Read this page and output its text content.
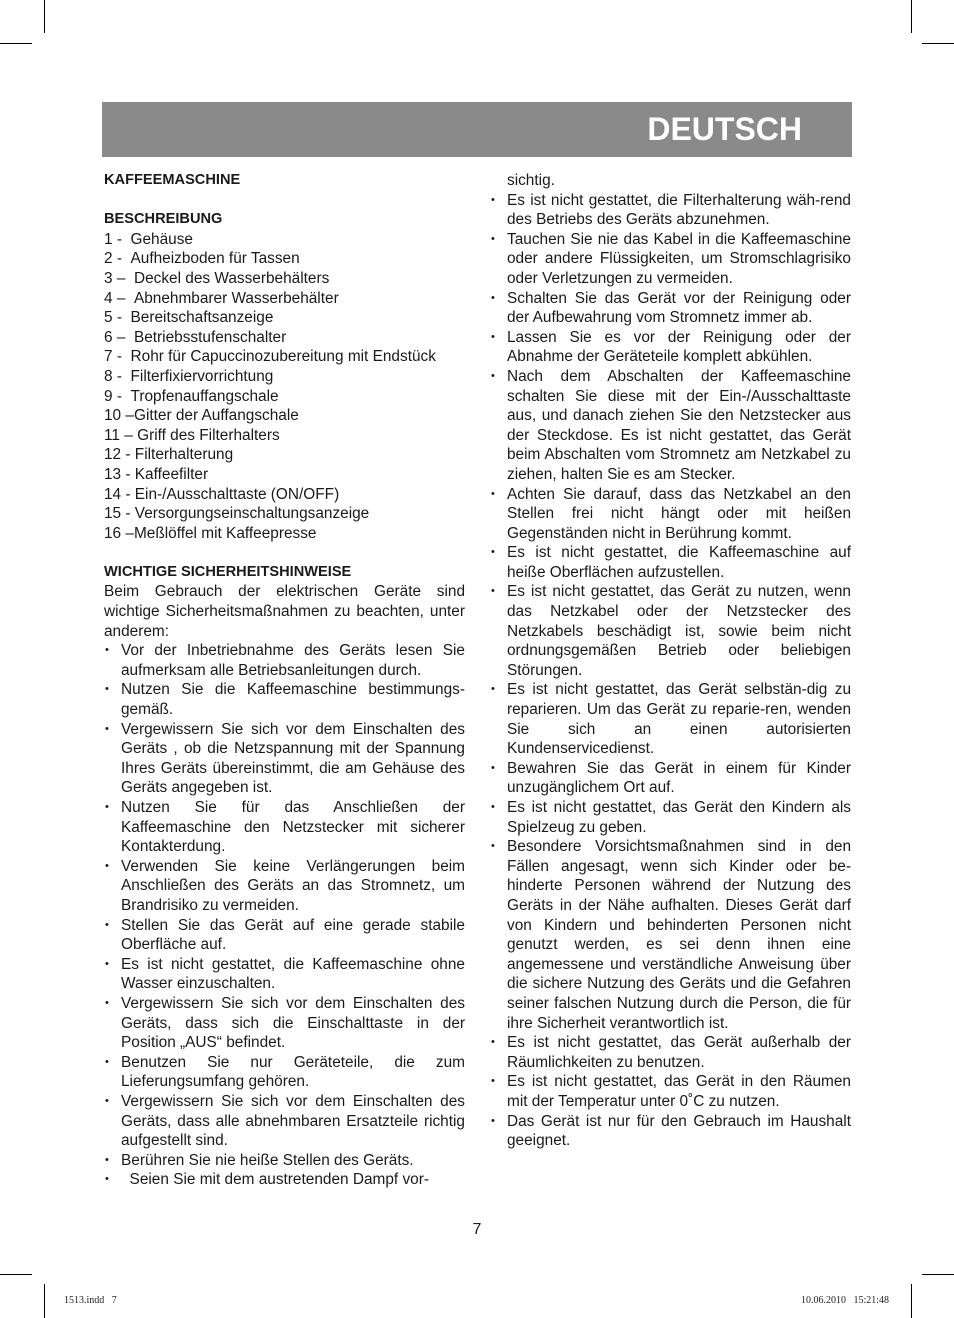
DEUTSCH
KAFFEEMASCHINE
BESCHREIBUNG
1 - Gehäuse
2 - Aufheizboden für Tassen
3 – Deckel des Wasserbehälters
4 – Abnehmbarer Wasserbehälter
5 - Bereitschaftsanzeige
6 – Betriebsstufenschalter
7 - Rohr für Capuccinozubereitung mit Endstück
8 - Filterfixiervorrichtung
9 - Tropfenauffangschale
10 – Gitter der Auffangschale
11 – Griff des Filterhalters
12 - Filterhalterung
13 - Kaffeefilter
14 - Ein-/Ausschalttaste (ON/OFF)
15 - Versorgungseinschaltungsanzeige
16 – Meßlöffel mit Kaffeepresse
WICHTIGE SICHERHEITSHINWEISE
Beim Gebrauch der elektrischen Geräte sind wichtige Sicherheitsmaßnahmen zu beachten, unter anderem:
• Vor der Inbetriebnahme des Geräts lesen Sie aufmerksam alle Betriebsanleitungen durch.
• Nutzen Sie die Kaffeemaschine bestimmungs-gemäß.
• Vergewissern Sie sich vor dem Einschalten des Geräts , ob die Netzspannung mit der Spannung Ihres Geräts übereinstimmt, die am Gehäuse des Geräts angegeben ist.
• Nutzen Sie für das Anschließen der Kaffeemaschine den Netzstecker mit sicherer Kontakterdung.
• Verwenden Sie keine Verlängerungen beim Anschließen des Geräts an das Stromnetz, um Brandrisiko zu vermeiden.
• Stellen Sie das Gerät auf eine gerade stabile Oberfläche auf.
• Es ist nicht gestattet, die Kaffeemaschine ohne Wasser einzuschalten.
• Vergewissern Sie sich vor dem Einschalten des Geräts, dass sich die Einschalttaste in der Position „AUS“ befindet.
• Benutzen Sie nur Geräteteile, die zum Lieferungsumfang gehören.
• Vergewissern Sie sich vor dem Einschalten des Geräts, dass alle abnehmbaren Ersatzteile richtig aufgestellt sind.
• Berühren Sie nie heiße Stellen des Geräts.
•   Seien Sie mit dem austretenden Dampf vor-
sichtig.
• Es ist nicht gestattet, die Filterhalterung wäh-rend des Betriebs des Geräts abzunehmen.
• Tauchen Sie nie das Kabel in die Kaffeemaschine oder andere Flüssigkeiten, um Stromschlagrisiko oder Verletzungen zu vermeiden.
• Schalten Sie das Gerät vor der Reinigung oder der Aufbewahrung vom Stromnetz immer ab.
• Lassen Sie es vor der Reinigung oder der Abnahme der Geräteteile komplett abkühlen.
• Nach dem Abschalten der Kaffeemaschine schalten Sie diese mit der Ein-/Ausschalttaste aus, und danach ziehen Sie den Netzstecker aus der Steckdose. Es ist nicht gestattet, das Gerät beim Abschalten vom Stromnetz am Netzkabel zu ziehen, halten Sie es am Stecker.
• Achten Sie darauf, dass das Netzkabel an den Stellen frei nicht hängt oder mit heißen Gegenständen nicht in Berührung kommt.
• Es ist nicht gestattet, die Kaffeemaschine auf heiße Oberflächen aufzustellen.
• Es ist nicht gestattet, das Gerät zu nutzen, wenn das Netzkabel oder der Netzstecker des Netzkabels beschädigt ist, sowie beim nicht ordnungsgemäßen Betrieb oder beliebigen Störungen.
• Es ist nicht gestattet, das Gerät selbstän-dig zu reparieren. Um das Gerät zu reparie-ren, wenden Sie sich an einen autorisierten Kundenservicedienst.
• Bewahren Sie das Gerät in einem für Kinder unzugänglichem Ort auf.
• Es ist nicht gestattet, das Gerät den Kindern als Spielzeug zu geben.
• Besondere Vorsichtsmaßnahmen sind in den Fällen angesagt, wenn sich Kinder oder be-hinderte Personen während der Nutzung des Geräts in der Nähe aufhalten. Dieses Gerät darf von Kindern und behinderten Personen nicht genutzt werden, es sei denn ihnen eine angemessene und verständliche Anweisung über die sichere Nutzung des Geräts und die Gefahren seiner falschen Nutzung durch die Person, die für ihre Sicherheit verantwortlich ist.
• Es ist nicht gestattet, das Gerät außerhalb der Räumlichkeiten zu benutzen.
• Es ist nicht gestattet, das Gerät in den Räumen mit der Temperatur unter 0˚C zu nutzen.
• Das Gerät ist nur für den Gebrauch im Haushalt geeignet.
7
1513.indd   7	10.06.2010   15:21:48
